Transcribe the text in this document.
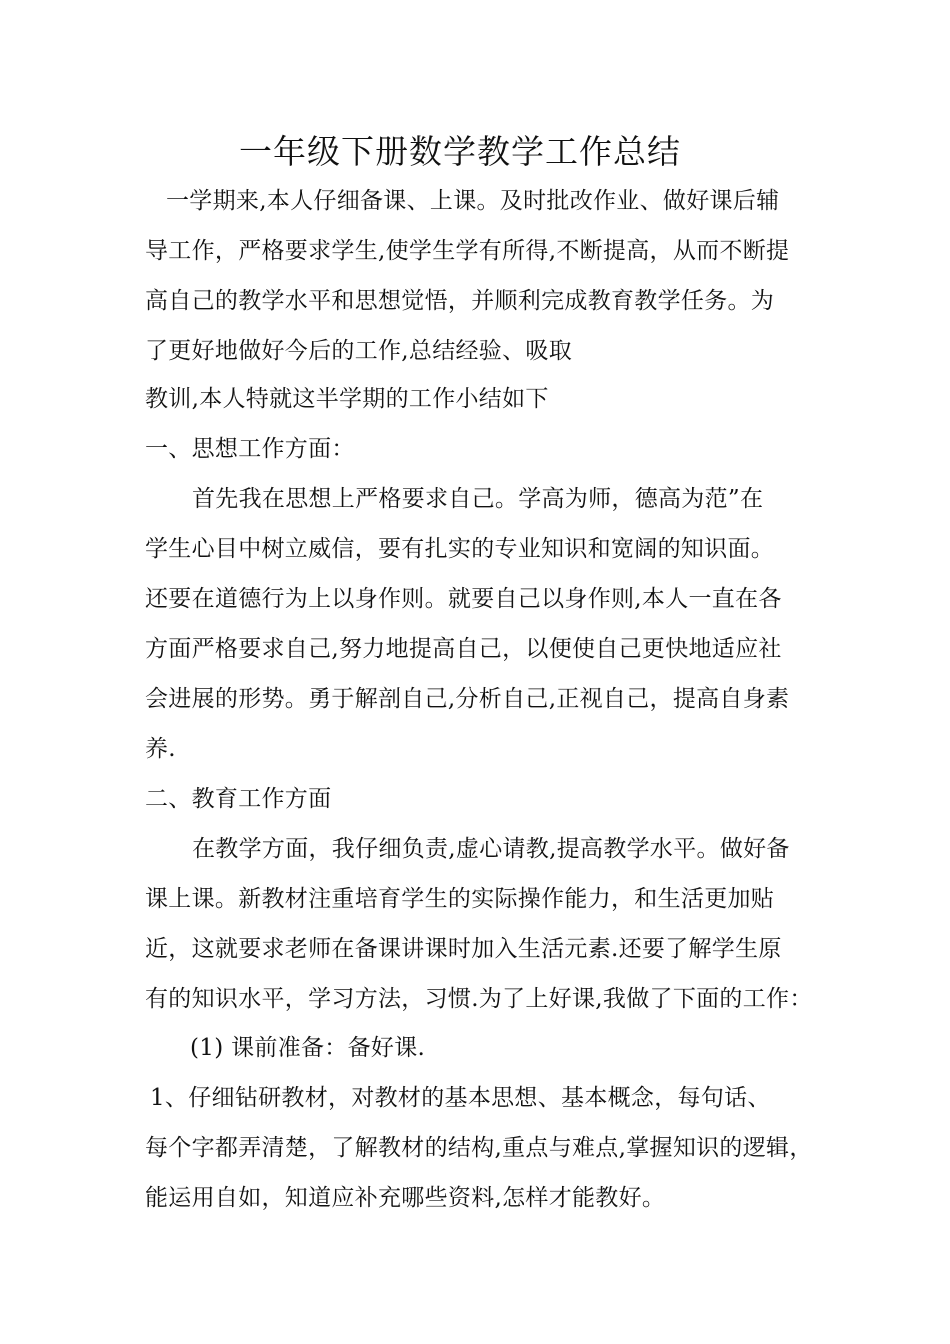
一年级下册数学教学工作总结
一学期来,本人仔细备课、上课。及时批改作业、做好课后辅
导工作，严格要求学生,使学生学有所得,不断提高，从而不断提
高自己的教学水平和思想觉悟，并顺利完成教育教学任务。为
了更好地做好今后的工作,总结经验、吸取
教训,本人特就这半学期的工作小结如下
一、思想工作方面：
首先我在思想上严格要求自己。学高为师，德高为范”在
学生心目中树立威信，要有扎实的专业知识和宽阔的知识面。
还要在道德行为上以身作则。就要自己以身作则,本人一直在各
方面严格要求自己,努力地提高自己，以便使自己更快地适应社
会进展的形势。勇于解剖自己,分析自己,正视自己，提高自身素
养.
二、教育工作方面
在教学方面，我仔细负责,虚心请教,提高教学水平。做好备
课上课。新教材注重培育学生的实际操作能力，和生活更加贴
近，这就要求老师在备课讲课时加入生活元素.还要了解学生原
有的知识水平，学习方法，习惯.为了上好课,我做了下面的工作：
(1) 课前准备：备好课.
1、仔细钻研教材，对教材的基本思想、基本概念，每句话、
每个字都弄清楚，了解教材的结构,重点与难点,掌握知识的逻辑，
能运用自如，知道应补充哪些资料,怎样才能教好。
